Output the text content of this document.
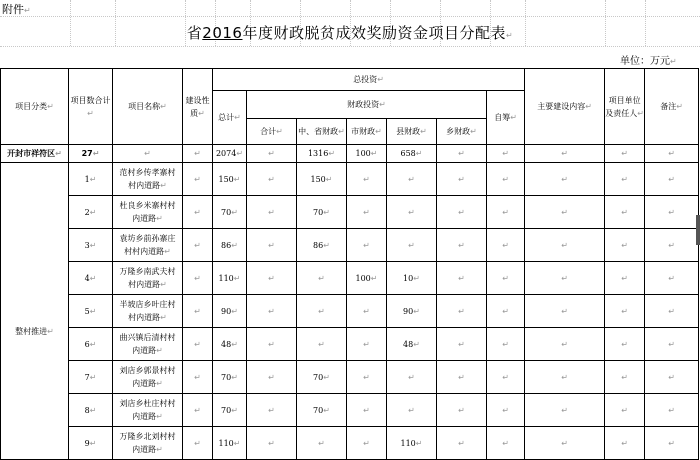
附件↵
省2016年度财政脱贫成效奖励资金项目分配表↵
单位：万元↵
项目分类↵	项目数合计↵	项目名称↵	建设性质↵	总投资↵							主要建设内容↵	项目单位及责任人↵	备注↵
				总计↵	财政投资↵					自筹↵			
					合计↵	中、省财政↵	市财政↵	县财政↵	乡财政↵				
开封市祥符区↵	27↵	↵	↵	2074↵	↵	1316↵	100↵	658↵	↵	↵	↵	↵	↵
整村推进↵	1↵	范村乡传孝寨村村内道路↵	↵	150↵	↵	150↵	↵	↵	↵	↵	↵	↵	↵
	2↵	杜良乡米寨村村内道路↵	↵	70↵	↵	70↵	↵	↵	↵	↵	↵	↵	↵
	3↵	袁坊乡前孙寨庄村村内道路↵	↵	86↵	↵	86↵	↵	↵	↵	↵	↵	↵	↵
	4↵	万隆乡南武夫村村内道路↵	↵	110↵	↵	↵	100↵	10↵	↵	↵	↵	↵	↵
	5↵	半坡店乡叶庄村村内道路↵	↵	90↵	↵	↵	↵	90↵	↵	↵	↵	↵	↵
	6↵	曲兴镇后清村村内道路↵	↵	48↵	↵	↵	↵	48↵	↵	↵	↵	↵	↵
	7↵	刘店乡郭景村村内道路↵	↵	70↵	↵	70↵	↵	↵	↵	↵	↵	↵	↵
	8↵	刘店乡杜庄村村内道路↵	↵	70↵	↵	70↵	↵	↵	↵	↵	↵	↵	↵
	9↵	万隆乡北刘村村内道路↵	↵	110↵	↵	↵	↵	110↵	↵	↵	↵	↵	↵
